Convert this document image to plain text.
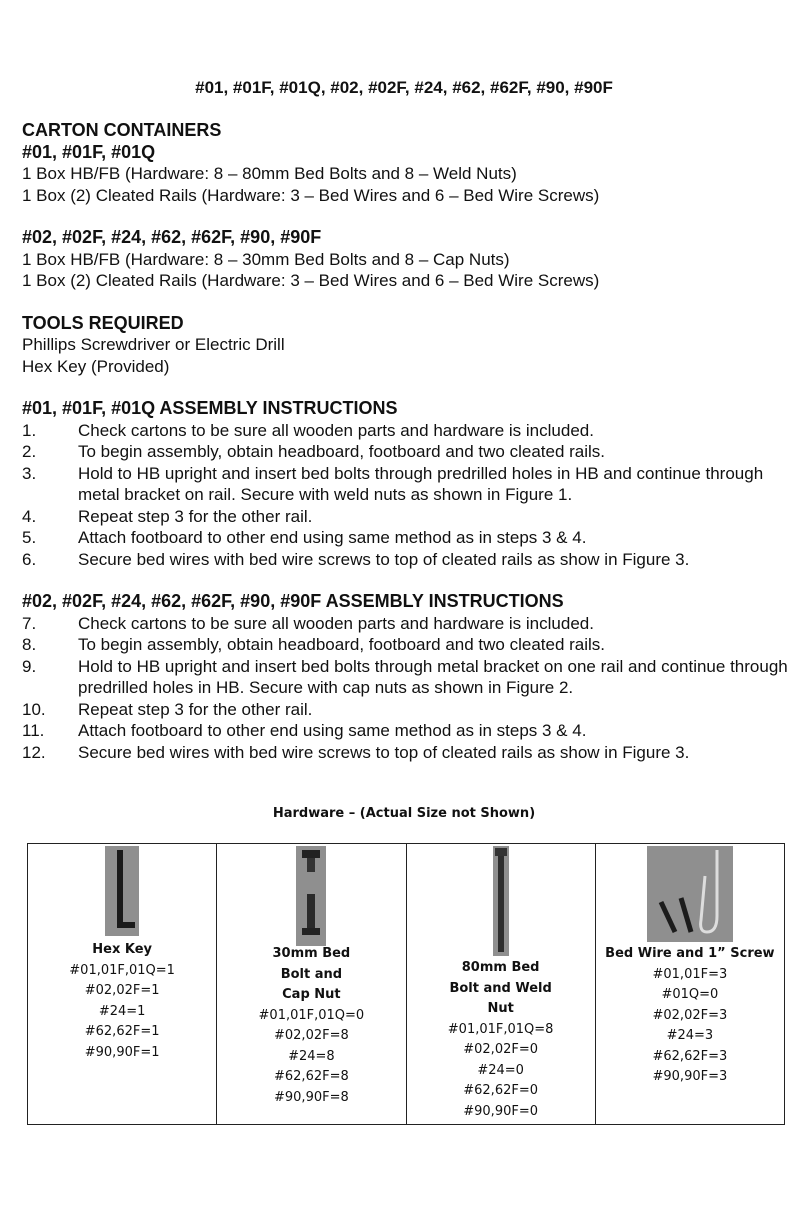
#01, #01F, #01Q, #02, #02F, #24, #62, #62F, #90, #90F
CARTON CONTAINERS
#01, #01F, #01Q
1 Box HB/FB (Hardware: 8 – 80mm Bed Bolts and 8 – Weld Nuts)
1 Box (2) Cleated Rails (Hardware: 3 – Bed Wires and 6 – Bed Wire Screws)
#02, #02F, #24, #62, #62F, #90, #90F
1 Box HB/FB (Hardware: 8 – 30mm Bed Bolts and 8 – Cap Nuts)
1 Box (2) Cleated Rails (Hardware: 3 – Bed Wires and 6 – Bed Wire Screws)
TOOLS REQUIRED
Phillips Screwdriver or Electric Drill
Hex Key (Provided)
#01, #01F, #01Q ASSEMBLY INSTRUCTIONS
1.	Check cartons to be sure all wooden parts and hardware is included.
2.	To begin assembly, obtain headboard, footboard and two cleated rails.
3.	Hold to HB upright and insert bed bolts through predrilled holes in HB and continue through metal bracket on rail. Secure with weld nuts as shown in Figure 1.
4.	Repeat step 3 for the other rail.
5.	Attach footboard to other end using same method as in steps 3 & 4.
6.	Secure bed wires with bed wire screws to top of cleated rails as show in Figure 3.
#02, #02F, #24, #62, #62F, #90, #90F ASSEMBLY INSTRUCTIONS
7.	Check cartons to be sure all wooden parts and hardware is included.
8.	To begin assembly, obtain headboard, footboard and two cleated rails.
9.	Hold to HB upright and insert bed bolts through metal bracket on one rail and continue through predrilled holes in HB. Secure with cap nuts as shown in Figure 2.
10.	Repeat step 3 for the other rail.
11.	Attach footboard to other end using same method as in steps 3 & 4.
12.	Secure bed wires with bed wire screws to top of cleated rails as show in Figure 3.
Hardware – (Actual Size not Shown)
Hex Key
#01,01F,01Q=1
#02,02F=1
#24=1
#62,62F=1
#90,90F=1
30mm Bed Bolt and Cap Nut
#01,01F,01Q=0
#02,02F=8
#24=8
#62,62F=8
#90,90F=8
80mm Bed Bolt and Weld Nut
#01,01F,01Q=8
#02,02F=0
#24=0
#62,62F=0
#90,90F=0
Bed Wire and 1” Screw
#01,01F=3
#01Q=0
#02,02F=3
#24=3
#62,62F=3
#90,90F=3
